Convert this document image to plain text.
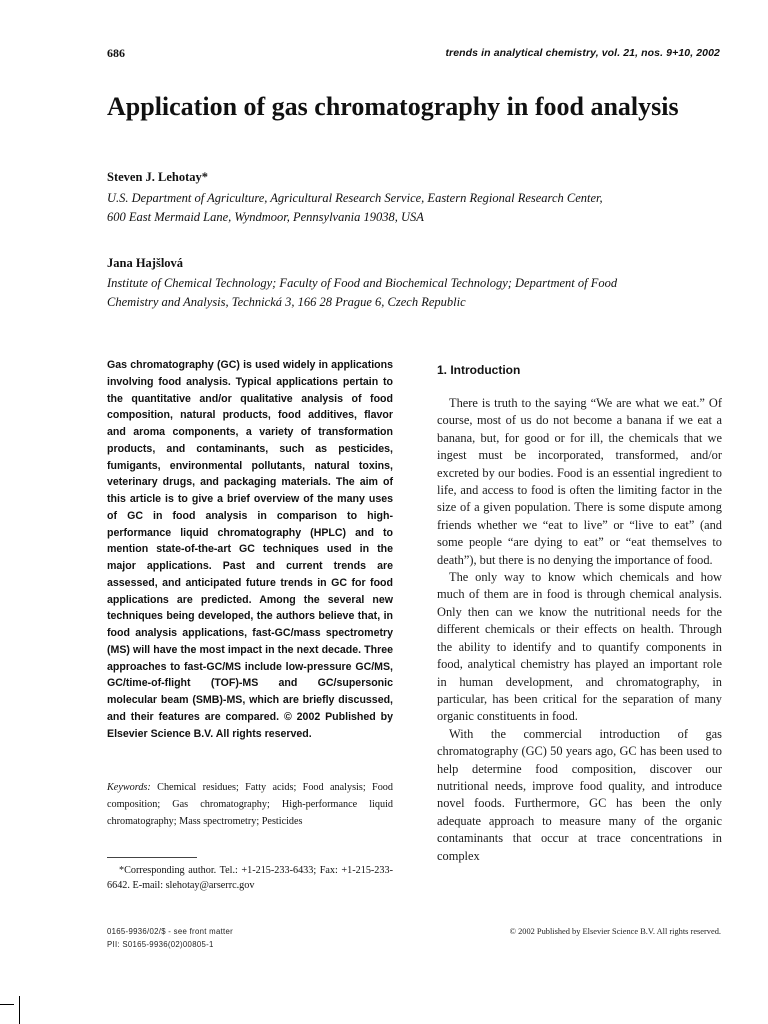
686	trends in analytical chemistry, vol. 21, nos. 9+10, 2002
Application of gas chromatography in food analysis
Steven J. Lehotay*
U.S. Department of Agriculture, Agricultural Research Service, Eastern Regional Research Center,
600 East Mermaid Lane, Wyndmoor, Pennsylvania 19038, USA
Jana Hajšlová
Institute of Chemical Technology; Faculty of Food and Biochemical Technology; Department of Food
Chemistry and Analysis, Technická 3, 166 28 Prague 6, Czech Republic
Gas chromatography (GC) is used widely in applications involving food analysis. Typical applications pertain to the quantitative and/or qualitative analysis of food composition, natural products, food additives, flavor and aroma components, a variety of transformation products, and contaminants, such as pesticides, fumigants, environmental pollutants, natural toxins, veterinary drugs, and packaging materials. The aim of this article is to give a brief overview of the many uses of GC in food analysis in comparison to high-performance liquid chromatography (HPLC) and to mention state-of-the-art GC techniques used in the major applications. Past and current trends are assessed, and anticipated future trends in GC for food applications are predicted. Among the several new techniques being developed, the authors believe that, in food analysis applications, fast-GC/mass spectrometry (MS) will have the most impact in the next decade. Three approaches to fast-GC/MS include low-pressure GC/MS, GC/time-of-flight (TOF)-MS and GC/supersonic molecular beam (SMB)-MS, which are briefly discussed, and their features are compared. © 2002 Published by Elsevier Science B.V. All rights reserved.
Keywords: Chemical residues; Fatty acids; Food analysis; Food composition; Gas chromatography; High-performance liquid chromatography; Mass spectrometry; Pesticides
*Corresponding author. Tel.: +1-215-233-6433; Fax: +1-215-233-6642. E-mail: slehotay@arserrc.gov
0165-9936/02/$ - see front matter
PII: S0165-9936(02)00805-1
1. Introduction

There is truth to the saying “We are what we eat.” Of course, most of us do not become a banana if we eat a banana, but, for good or for ill, the chemicals that we ingest must be incorporated, transformed, and/or excreted by our bodies. Food is an essential ingredient to life, and access to food is often the limiting factor in the size of a given population. There is some dispute among friends whether we “eat to live” or “live to eat” (and some people “are dying to eat” or “eat themselves to death”), but there is no denying the importance of food.

The only way to know which chemicals and how much of them are in food is through chemical analysis. Only then can we know the nutritional needs for the different chemicals or their effects on health. Through the ability to identify and to quantify components in food, analytical chemistry has played an important role in human development, and chromatography, in particular, has been critical for the separation of many organic constituents in food.

With the commercial introduction of gas chromatography (GC) 50 years ago, GC has been used to help determine food composition, discover our nutritional needs, improve food quality, and introduce novel foods. Furthermore, GC has been the only adequate approach to measure many of the organic contaminants that occur at trace concentrations in complex

© 2002 Published by Elsevier Science B.V. All rights reserved.
